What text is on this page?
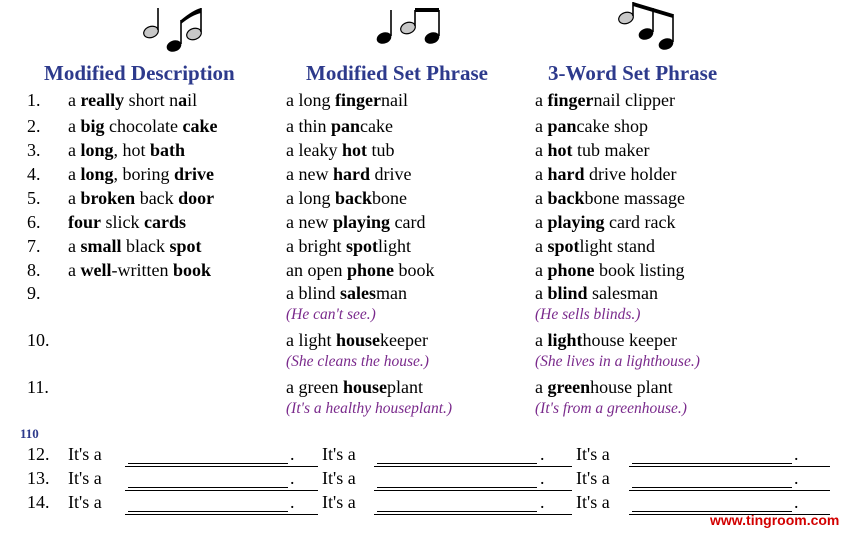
Modified Description	Modified Set Phrase	3-Word Set Phrase
1. a really short nail	a long fingernail	a fingernail clipper
2. a big chocolate cake	a thin pancake	a pancake shop
3. a long, hot bath	a leaky hot tub	a hot tub maker
4. a long, boring drive	a new hard drive	a hard drive holder
5. a broken back door	a long backbone	a backbone massage
6. four slick cards	a new playing card	a playing card rack
7. a small black spot	a bright spotlight	a spotlight stand
8. a well-written book	an open phone book	a phone book listing
9.	a blind salesman	a blind salesman
(He can't see.)	(He sells blinds.)
10.	a light housekeeper	a lighthouse keeper
(She cleans the house.)	(She lives in a lighthouse.)
11.	a green houseplant	a greenhouse plant
(It's a healthy houseplant.)	(It's from a greenhouse.)
110
12. It's a	. It's a	. It's a	.
13. It's a	. It's a	. It's a	.
14. It's a	. It's a	. It's a	.
www.tingroom.com
